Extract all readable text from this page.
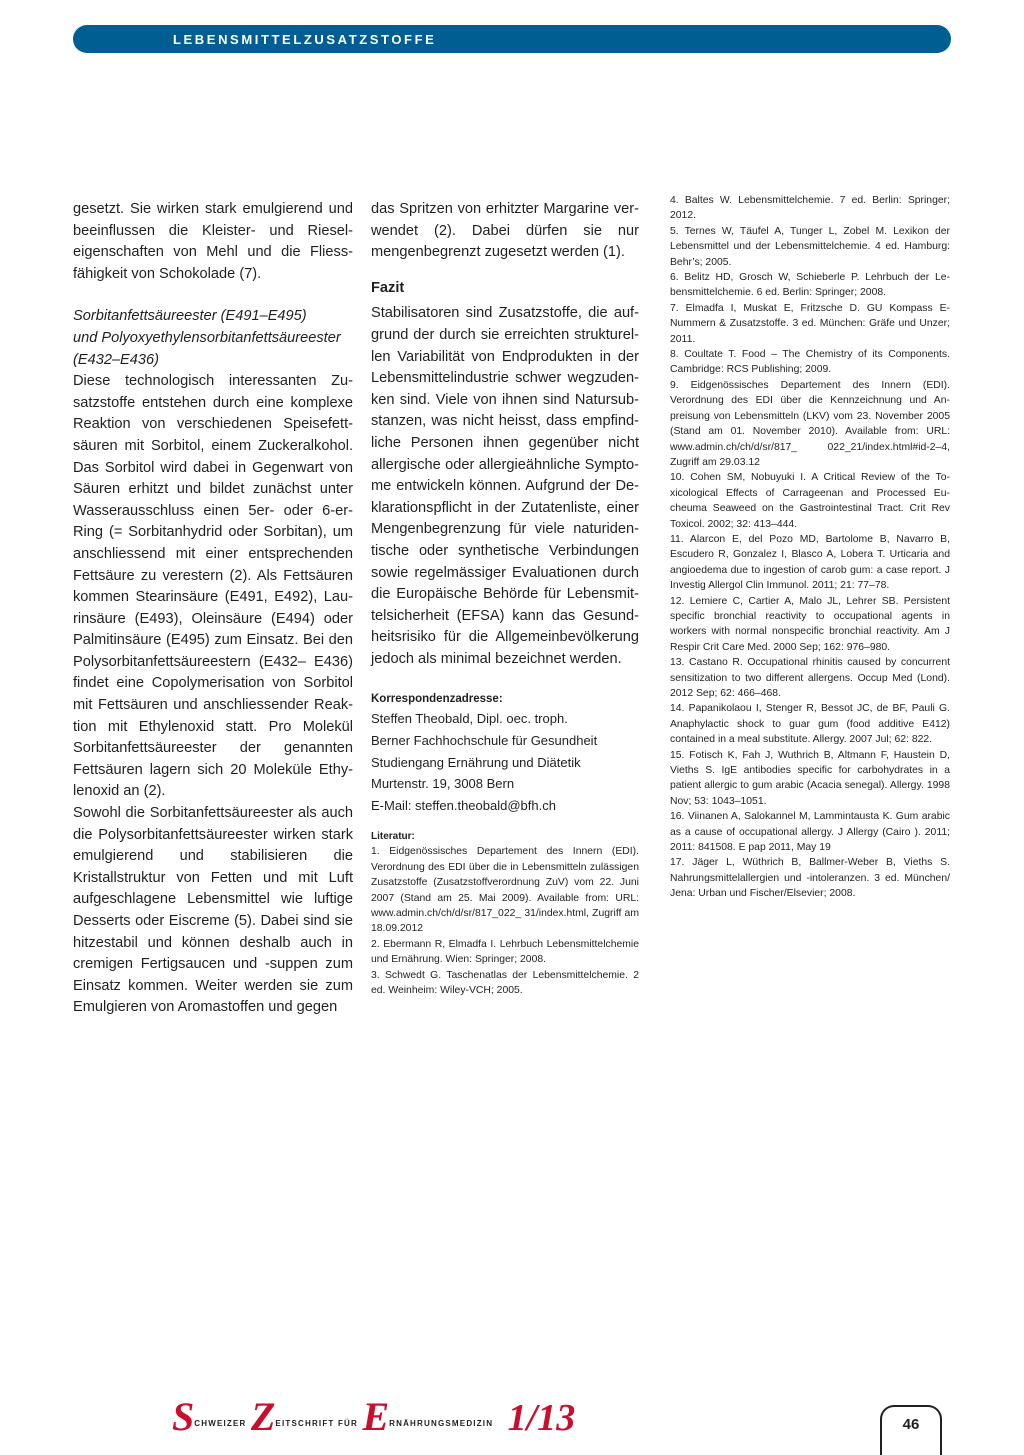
LEBENSMITTELZUSATZSTOFFE

gesetzt. Sie wirken stark emulgierend und beeinflussen die Kleister- und Rieseleigenschaften von Mehl und die Fliessfähigkeit von Schokolade (7).

Sorbitanfettsäureester (E491–E495)

und Polyoxyethylensorbitanfettsäureester (E432–E436)

Diese technologisch interessanten Zusatzstoffe entstehen durch eine komplexe Reaktion von verschiedenen Speisefettsäuren mit Sorbitol, einem Zuckeralkohol. Das Sorbitol wird dabei in Gegenwart von Säuren erhitzt und bildet zunächst unter Wasserausschluss einen 5er- oder 6-er-Ring (= Sorbitanhydrid oder Sorbitan), um anschliessend mit einer entsprechenden Fettsäure zu verestern (2). Als Fettsäuren kommen Stearinsäure (E491, E492), Laurinsäure (E493), Oleinsäure (E494) oder Palmitinsäure (E495) zum Einsatz. Bei den Polysorbitanfettsäureestern (E432– E436) findet eine Copolymerisation von Sorbitol mit Fettsäuren und anschliessender Reaktion mit Ethylenoxid statt. Pro Molekül Sorbitanfettsäureester der genannten Fettsäuren lagern sich 20 Moleküle Ethylenoxid an (2).

Sowohl die Sorbitanfettsäureester als auch die Polysorbitanfettsäureester wirken stark emulgierend und stabilisieren die Kristallstruktur von Fetten und mit Luft aufgeschlagene Lebensmittel wie luftige Desserts oder Eiscreme (5). Dabei sind sie hitzestabil und können deshalb auch in cremigen Fertigsaucen und -suppen zum Einsatz kommen. Weiter werden sie zum Emulgieren von Aromastoffen und gegen

das Spritzen von erhitzter Margarine verwendet (2). Dabei dürfen sie nur mengenbegrenzt zugesetzt werden (1).

Fazit

Stabilisatoren sind Zusatzstoffe, die aufgrund der durch sie erreichten strukturellen Variabilität von Endprodukten in der Lebensmittelindustrie schwer wegzudenken sind. Viele von ihnen sind Natursubstanzen, was nicht heisst, dass empfindliche Personen ihnen gegenüber nicht allergische oder allergieähnliche Symptome entwickeln können. Aufgrund der Deklarationspflicht in der Zutatenliste, einer Mengenbegrenzung für viele naturidentische oder synthetische Verbindungen sowie regelmässiger Evaluationen durch die Europäische Behörde für Lebensmittelsicherheit (EFSA) kann das Gesundheitsrisiko für die Allgemeinbevölkerung jedoch als minimal bezeichnet werden.

Korrespondenzadresse:

Steffen Theobald, Dipl. oec. troph.

Berner Fachhochschule für Gesundheit

Studiengang Ernährung und Diätetik

Murtenstr. 19, 3008 Bern

E-Mail: steffen.theobald@bfh.ch

Literatur:

1. Eidgenössisches Departement des Innern (EDI). Verordnung des EDI über die in Lebensmitteln zulässigen Zusatzstoffe (Zusatzstoffverordnung ZuV) vom 22. Juni 2007 (Stand am 25. Mai 2009). Available from: URL: www.admin.ch/ch/d/sr/817_022_ 31/index.html, Zugriff am 18.09.2012

2. Ebermann R, Elmadfa I. Lehrbuch Lebensmittelchemie und Ernährung. Wien: Springer; 2008.

3. Schwedt G. Taschenatlas der Lebensmittelchemie. 2 ed. Weinheim: Wiley-VCH; 2005.

4. Baltes W. Lebensmittelchemie. 7 ed. Berlin: Springer; 2012.

5. Ternes W, Täufel A, Tunger L, Zobel M. Lexikon der Lebensmittel und der Lebensmittelchemie. 4 ed. Hamburg: Behr’s; 2005.

6. Belitz HD, Grosch W, Schieberle P. Lehrbuch der Lebensmittelchemie. 6 ed. Berlin: Springer; 2008.

7. Elmadfa I, Muskat E, Fritzsche D. GU Kompass E-Nummern & Zusatzstoffe. 3 ed. München: Gräfe und Unzer; 2011.

8. Coultate T. Food – The Chemistry of its Components. Cambridge: RCS Publishing; 2009.

9. Eidgenössisches Departement des Innern (EDI). Verordnung des EDI über die Kennzeichnung und Anpreisung von Lebensmitteln (LKV) vom 23. November 2005 (Stand am 01. November 2010). Available from: URL: www.admin.ch/ch/d/sr/817_ 022_21/index.html#id-2–4, Zugriff am 29.03.12

10. Cohen SM, Nobuyuki I. A Critical Review of the Toxicological Effects of Carrageenan and Processed Eucheuma Seaweed on the Gastrointestinal Tract. Crit Rev Toxicol. 2002; 32: 413–444.

11. Alarcon E, del Pozo MD, Bartolome B, Navarro B, Escudero R, Gonzalez I, Blasco A, Lobera T. Urticaria and angioedema due to ingestion of carob gum: a case report. J Investig Allergol Clin Immunol. 2011; 21: 77–78.

12. Lemiere C, Cartier A, Malo JL, Lehrer SB. Persistent specific bronchial reactivity to occupational agents in workers with normal nonspecific bronchial reactivity. Am J Respir Crit Care Med. 2000 Sep; 162: 976–980.

13. Castano R. Occupational rhinitis caused by concurrent sensitization to two different allergens. Occup Med (Lond). 2012 Sep; 62: 466–468.

14. Papanikolaou I, Stenger R, Bessot JC, de BF, Pauli G. Anaphylactic shock to guar gum (food additive E412) contained in a meal substitute. Allergy. 2007 Jul; 62: 822.

15. Fotisch K, Fah J, Wuthrich B, Altmann F, Haustein D, Vieths S. IgE antibodies specific for carbohydrates in a patient allergic to gum arabic (Acacia senegal). Allergy. 1998 Nov; 53: 1043–1051.

16. Viinanen A, Salokannel M, Lammintausta K. Gum arabic as a cause of occupational allergy. J Allergy (Cairo ). 2011; 2011: 841508. E pap 2011, May 19

17. Jäger L, Wüthrich B, Ballmer-Weber B, Vieths S. Nahrungsmittelallergien und -intoleranzen. 3 ed. München/ Jena: Urban und Fischer/Elsevier; 2008.

$S^{CHWEIZER}$ $Z^{EITSCHRIFT FÜR}$ $E^{RNÄHRUNGSMEDIZIN}$ 1/13	46
